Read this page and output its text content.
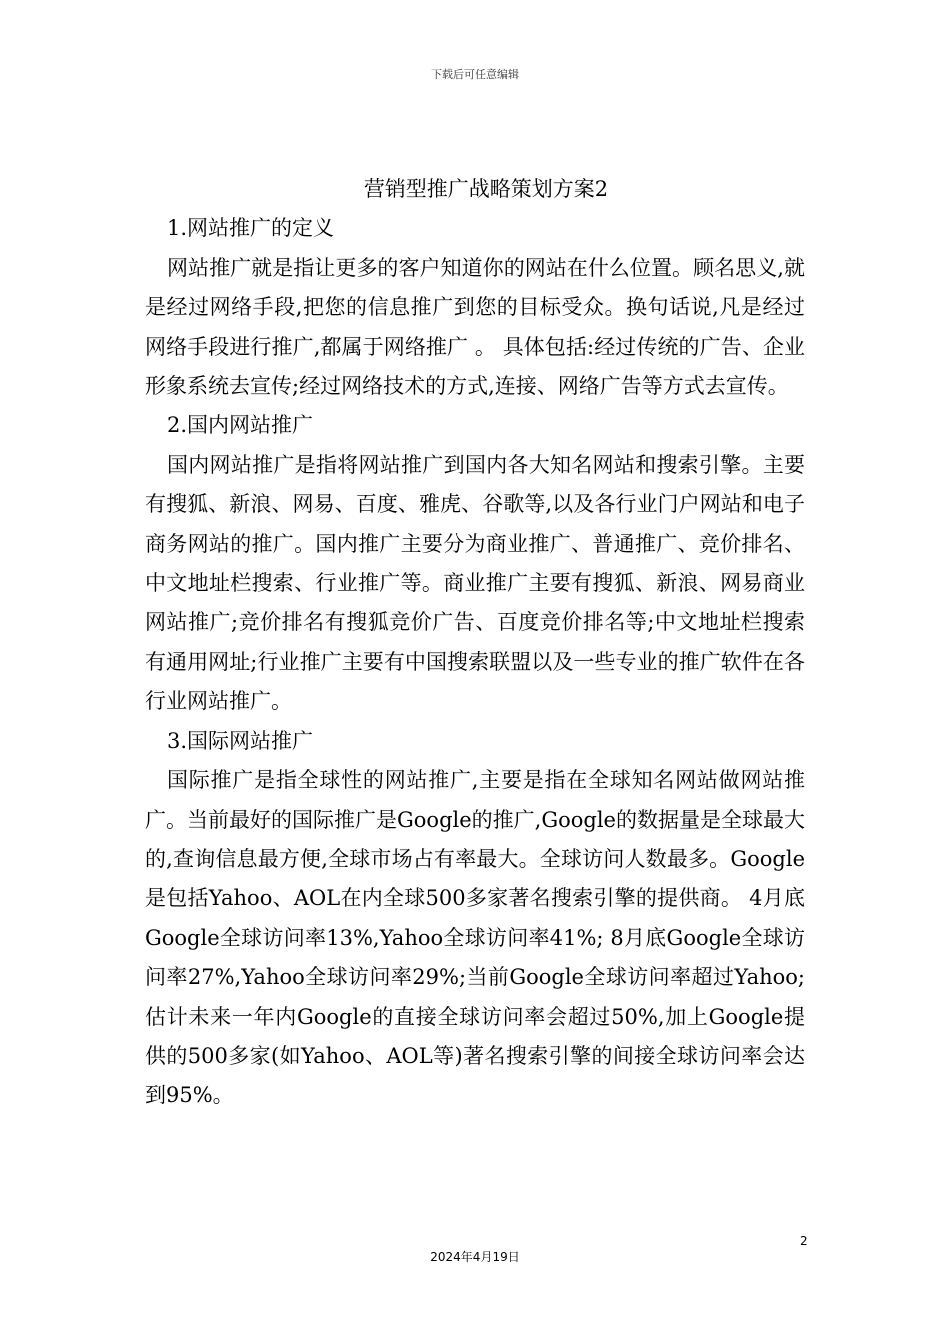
下载后可任意编辑

营销型推广战略策划方案2

1.网站推广的定义

网站推广就是指让更多的客户知道你的网站在什么位置。顾名思义,就是经过网络手段,把您的信息推广到您的目标受众。换句话说,凡是经过网络手段进行推广,都属于网络推广 。 具体包括:经过传统的广告、企业形象系统去宣传;经过网络技术的方式,连接、网络广告等方式去宣传。

2.国内网站推广

国内网站推广是指将网站推广到国内各大知名网站和搜索引擎。主要有搜狐、新浪、网易、百度、雅虎、谷歌等,以及各行业门户网站和电子商务网站的推广。国内推广主要分为商业推广、普通推广、竞价排名、中文地址栏搜索、行业推广等。商业推广主要有搜狐、新浪、网易商业网站推广;竞价排名有搜狐竞价广告、百度竞价排名等;中文地址栏搜索有通用网址;行业推广主要有中国搜索联盟以及一些专业的推广软件在各行业网站推广。

3.国际网站推广

国际推广是指全球性的网站推广,主要是指在全球知名网站做网站推广。当前最好的国际推广是Google的推广,Google的数据量是全球最大的,查询信息最方便,全球市场占有率最大。全球访问人数最多。Google是包括Yahoo、AOL在内全球500多家著名搜索引擎的提供商。 4月底Google全球访问率13%,Yahoo全球访问率41%; 8月底Google全球访问率27%,Yahoo全球访问率29%;当前Google全球访问率超过Yahoo;估计未来一年内Google的直接全球访问率会超过50%,加上Google提供的500多家(如Yahoo、AOL等)著名搜索引擎的间接全球访问率会达到95%。

2
2024年4月19日
